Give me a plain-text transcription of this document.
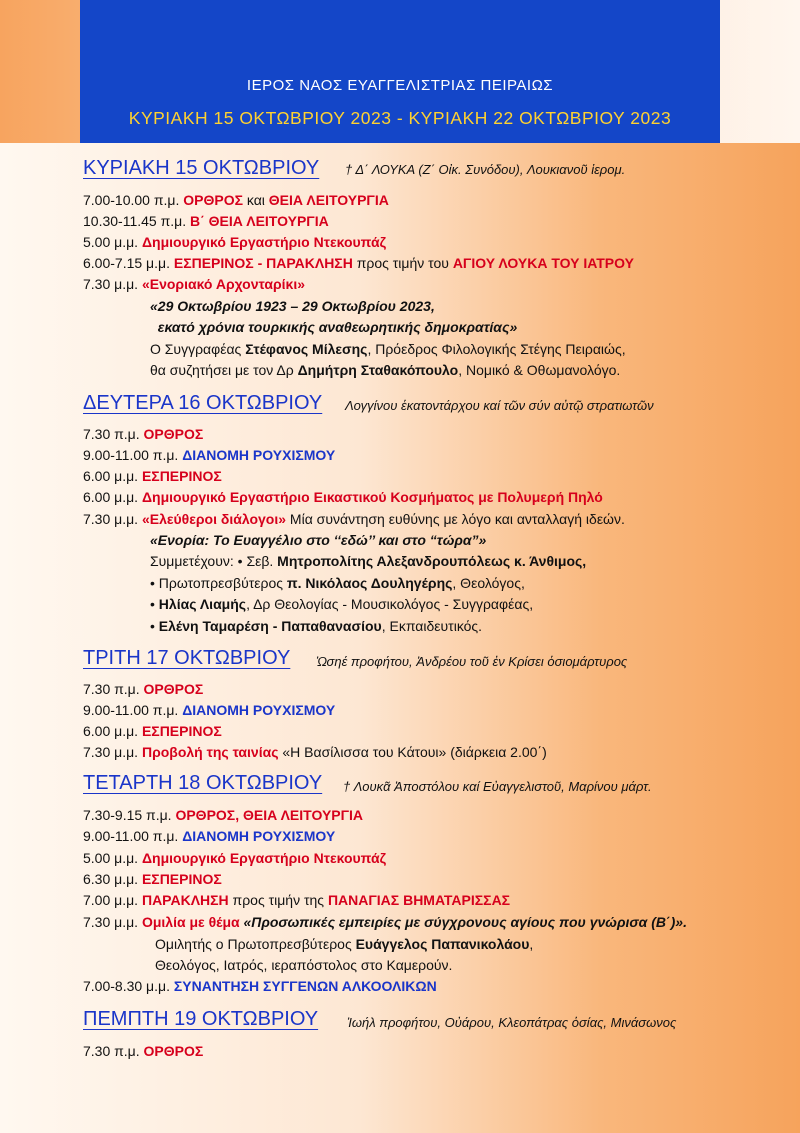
ΙΕΡΟΣ ΝΑΟΣ ΕΥΑΓΓΕΛΙΣΤΡΙΑΣ ΠΕΙΡΑΙΩΣ
ΚΥΡΙΑΚΗ 15 ΟΚΤΩΒΡΙΟΥ 2023 - ΚΥΡΙΑΚΗ 22 ΟΚΤΩΒΡΙΟΥ 2023
ΚΥΡΙΑΚΗ 15 ΟΚΤΩΒΡΙΟΥ † Δ΄ ΛΟΥΚΑ (Ζ΄ Οἰκ. Συνόδου), Λουκιανοῦ ἱερομ.
7.00-10.00 π.μ. ΟΡΘΡΟΣ και ΘΕΙΑ ΛΕΙΤΟΥΡΓΙΑ
10.30-11.45 π.μ. Β΄ ΘΕΙΑ ΛΕΙΤΟΥΡΓΙΑ
5.00 μ.μ. Δημιουργικό Εργαστήριο Ντεκουπάζ
6.00-7.15 μ.μ. ΕΣΠΕΡΙΝΟΣ - ΠΑΡΑΚΛΗΣΗ προς τιμήν του ΑΓΙΟΥ ΛΟΥΚΑ ΤΟΥ ΙΑΤΡΟΥ
7.30 μ.μ. «Ενοριακό Αρχονταρίκι»
«29 Οκτωβρίου 1923 – 29 Οκτωβρίου 2023,
εκατό χρόνια τουρκικής αναθεωρητικής δημοκρατίας»
Ο Συγγραφέας Στέφανος Μίλεσης, Πρόεδρος Φιλολογικής Στέγης Πειραιώς,
θα συζητήσει με τον Δρ Δημήτρη Σταθακόπουλο, Νομικό & Οθωμανολόγο.
ΔΕΥΤΕΡΑ 16 ΟΚΤΩΒΡΙΟΥ Λογγίνου ἑκατοντάρχου καί τῶν σύν αὐτῷ στρατιωτῶν
7.30 π.μ. ΟΡΘΡΟΣ
9.00-11.00 π.μ. ΔΙΑΝΟΜΗ ΡΟΥΧΙΣΜΟΥ
6.00 μ.μ. ΕΣΠΕΡΙΝΟΣ
6.00 μ.μ. Δημιουργικό Εργαστήριο Εικαστικού Κοσμήματος με Πολυμερή Πηλό
7.30 μ.μ. «Ελεύθεροι διάλογοι» Μία συνάντηση ευθύνης με λόγο και ανταλλαγή ιδεών.
«Ενορία: Το Ευαγγέλιο στο ‘‘εδώ’’ και στο “τώρα”»
Συμμετέχουν: • Σεβ. Μητροπολίτης Αλεξανδρουπόλεως κ. Άνθιμος,
• Πρωτοπρεσβύτερος π. Νικόλαος Δουληγέρης, Θεολόγος,
• Ηλίας Λιαμής, Δρ Θεολογίας - Μουσικολόγος - Συγγραφέας,
• Ελένη Ταμαρέση - Παπαθανασίου, Εκπαιδευτικός.
ΤΡΙΤΗ 17 ΟΚΤΩΒΡΙΟΥ Ὠσηέ προφήτου, Ἀνδρέου τοῦ ἐν Κρίσει ὁσιομάρτυρος
7.30 π.μ. ΟΡΘΡΟΣ
9.00-11.00 π.μ. ΔΙΑΝΟΜΗ ΡΟΥΧΙΣΜΟΥ
6.00 μ.μ. ΕΣΠΕΡΙΝΟΣ
7.30 μ.μ. Προβολή της ταινίας «Η Βασίλισσα του Κάτουι» (διάρκεια 2.00΄)
ΤΕΤΑΡΤΗ 18 ΟΚΤΩΒΡΙΟΥ † Λουκᾶ Ἀποστόλου καί Εὐαγγελιστοῦ, Μαρίνου μάρτ.
7.30-9.15 π.μ. ΟΡΘΡΟΣ, ΘΕΙΑ ΛΕΙΤΟΥΡΓΙΑ
9.00-11.00 π.μ. ΔΙΑΝΟΜΗ ΡΟΥΧΙΣΜΟΥ
5.00 μ.μ. Δημιουργικό Εργαστήριο Ντεκουπάζ
6.30 μ.μ. ΕΣΠΕΡΙΝΟΣ
7.00 μ.μ. ΠΑΡΑΚΛΗΣΗ προς τιμήν της ΠΑΝΑΓΙΑΣ ΒΗΜΑΤΑΡΙΣΣΑΣ
7.30 μ.μ. Ομιλία με θέμα «Προσωπικές εμπειρίες με σύγχρονους αγίους που γνώρισα (Β΄)».
Ομιλητής ο Πρωτοπρεσβύτερος Ευάγγελος Παπανικολάου,
Θεολόγος, Ιατρός, ιεραπόστολος στο Καμερούν.
7.00-8.30 μ.μ. ΣΥΝΑΝΤΗΣΗ ΣΥΓΓΕΝΩΝ ΑΛΚΟΟΛΙΚΩΝ
ΠΕΜΠΤΗ 19 ΟΚΤΩΒΡΙΟΥ Ἰωήλ προφήτου, Οὐάρου, Κλεοπάτρας ὁσίας, Μινάσωνος
7.30 π.μ. ΟΡΘΡΟΣ
